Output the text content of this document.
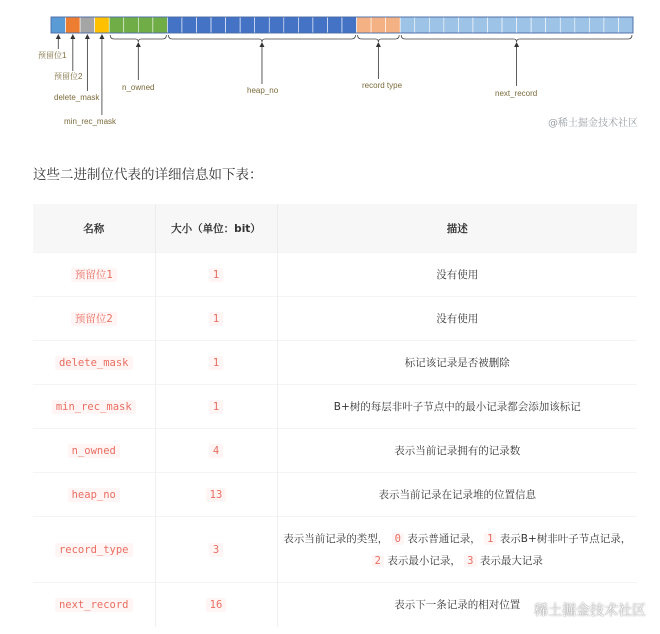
预留位1
预留位2
delete_mask
min_rec_mask
n_owned	heap_no
record type
next_record
@稀土掘金技术社区
这些二进制位代表的详细信息如下表：
名称	大小（单位：bit）	描述
预留位1	1	没有使用
预留位2	1	没有使用
delete_mask	1	标记该记录是否被删除
min_rec_mask	1	B+树的每层非叶子节点中的最小记录都会添加该标记
n_owned	4	表示当前记录拥有的记录数
heap_no	13	表示当前记录在记录堆的位置信息
record_type	3	表示当前记录的类型， 0 表示普通记录， 1 表示B+树非叶子节点记录，
2 表示最小记录， 3 表示最大记录
next_record	16	表示下一条记录的相对位置 稀土掘金技术社区
